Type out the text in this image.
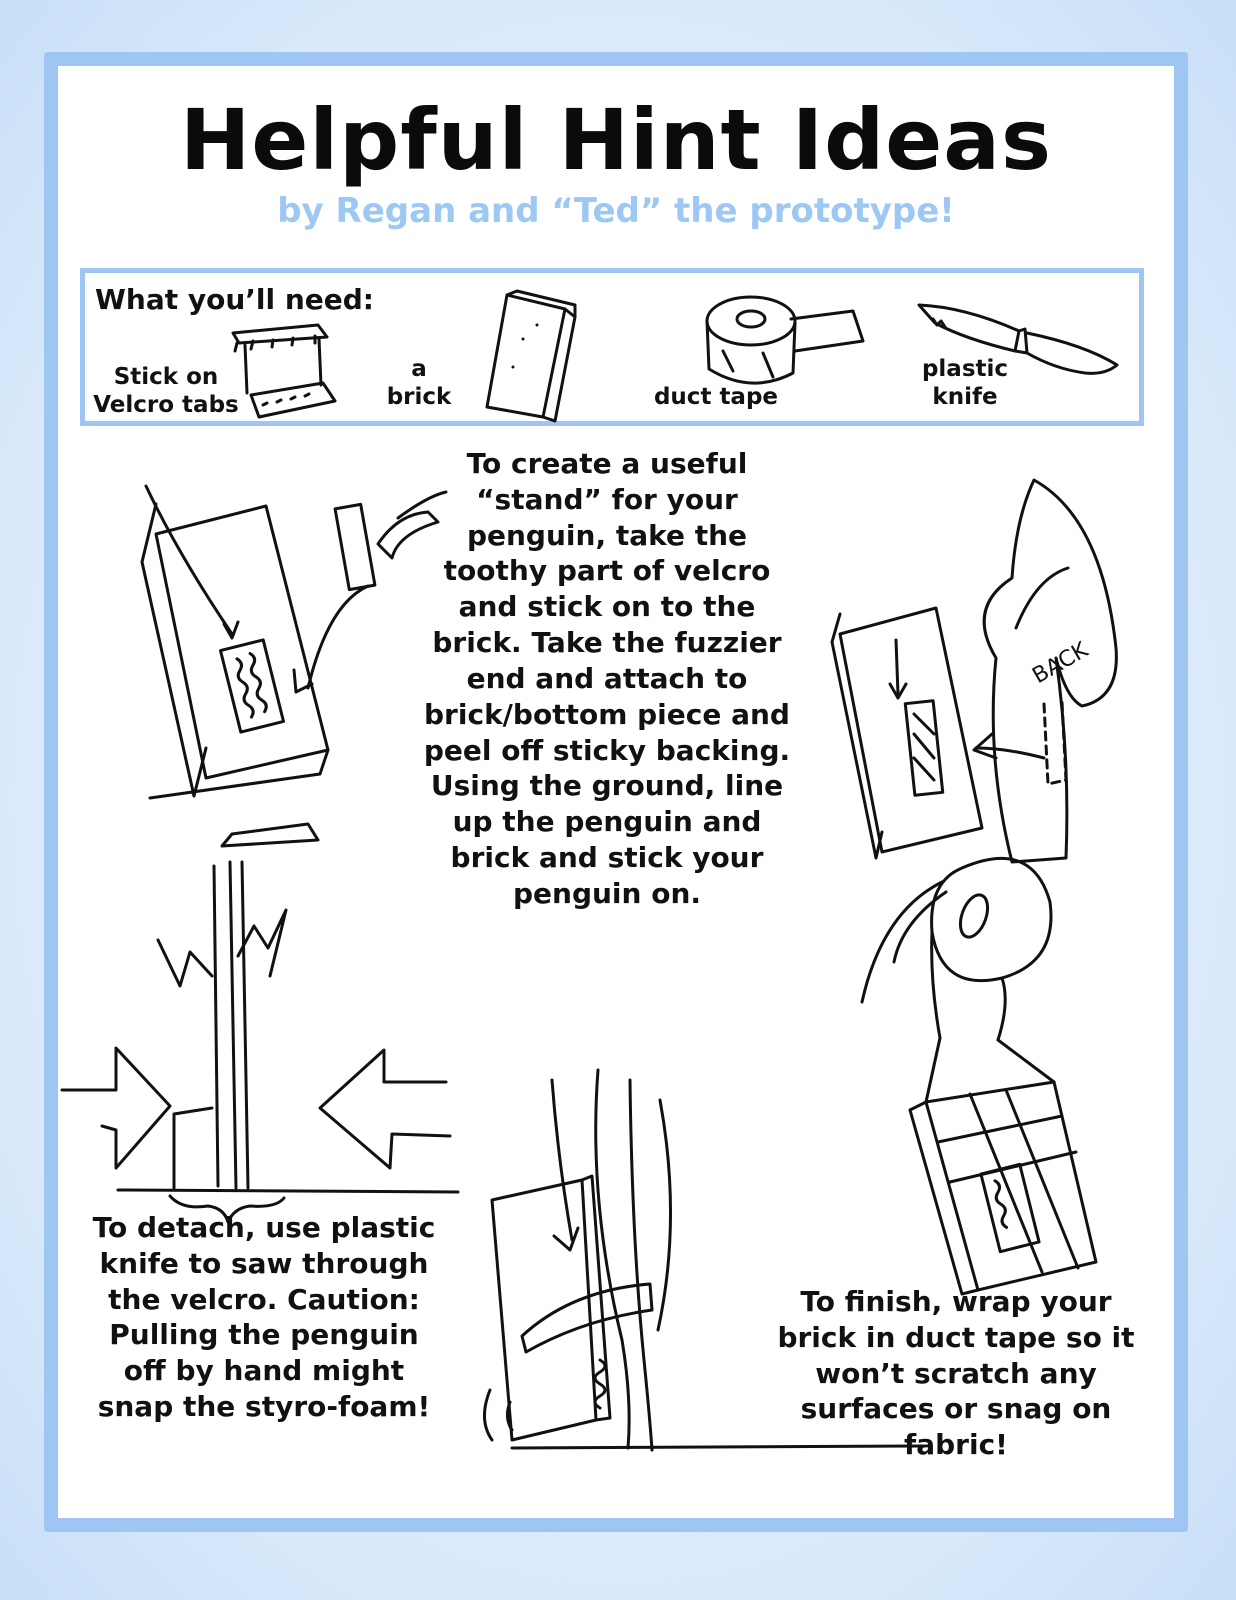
Helpful Hint Ideas
by Regan and “Ted” the prototype!
What you’ll need:
Stick on Velcro tabs
a brick	duct tape
plastic knife
To create a useful “stand” for your penguin, take the toothy part of velcro and stick on to the brick. Take the fuzzier end and attach to brick/bottom piece and peel off sticky backing. Using the ground, line up the penguin and brick and stick your penguin on.
BACK
To detach, use plastic knife to saw through the velcro. Caution: Pulling the penguin off by hand might snap the styro-foam!
To finish, wrap your brick in duct tape so it won’t scratch any surfaces or snag on fabric!
